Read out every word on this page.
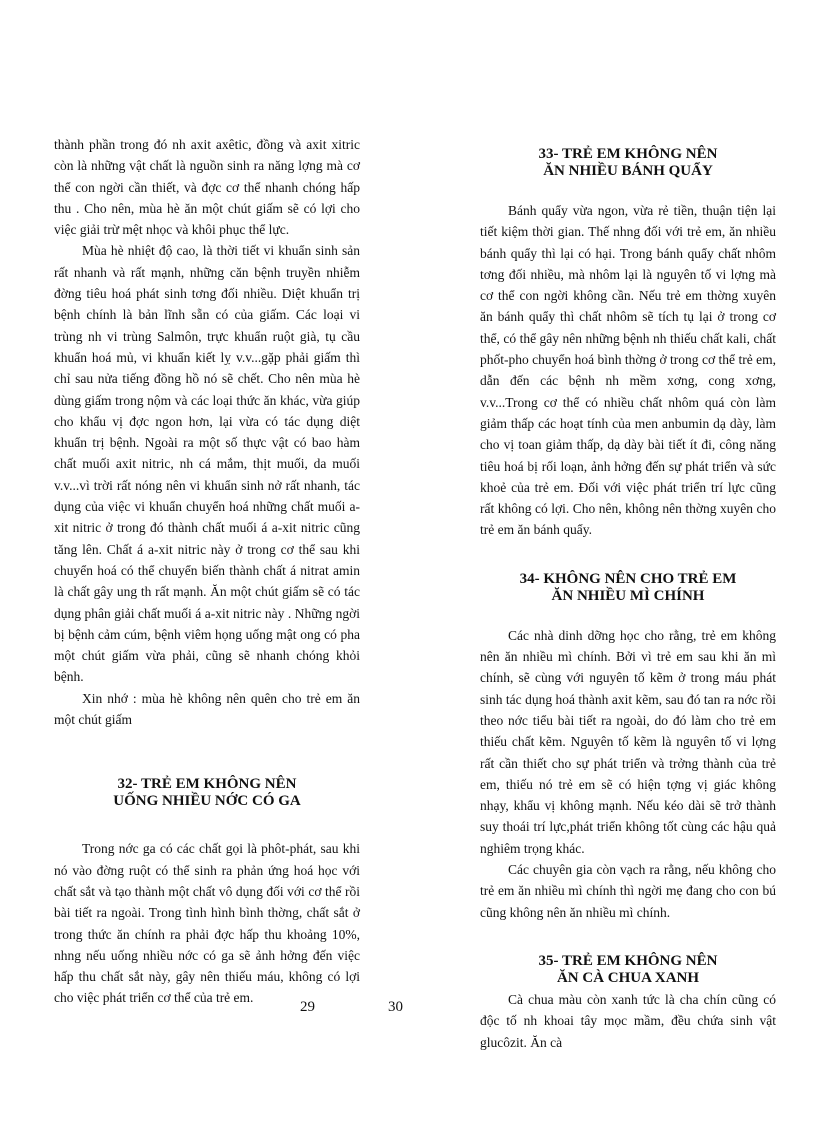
thành phần trong đó nh axit axêtic, đồng và axit xitric còn là những vật chất là nguồn sinh ra năng lợng mà cơ thể con ngời cần thiết, và đợc cơ thể nhanh chóng hấp thu . Cho nên, mùa hè ăn một chút giấm sẽ có lợi cho việc giải trừ mệt nhọc và khôi phục thể lực.

Mùa hè nhiệt độ cao, là thời tiết vi khuẩn sinh sản rất nhanh và rất mạnh, những căn bệnh truyền nhiễm đờng tiêu hoá phát sinh tơng đối nhiều. Diệt khuẩn trị bệnh chính là bản lĩnh sẵn có của giấm. Các loại vi trùng nh vi trùng Salmôn, trực khuẩn ruột già, tụ cầu khuẩn hoá mủ, vi khuẩn kiết lỵ v.v...gặp phải giấm thì chỉ sau nửa tiếng đồng hồ nó sẽ chết. Cho nên mùa hè dùng giấm trong nộm và các loại thức ăn khác, vừa giúp cho khẩu vị đợc ngon hơn, lại vừa có tác dụng diệt khuẩn trị bệnh. Ngoài ra một số thực vật có bao hàm chất muối axit nitric, nh cá mắm, thịt muối, da muối v.v...vì trời rất nóng nên vi khuẩn sinh nở rất nhanh, tác dụng của việc vi khuẩn chuyển hoá những chất muối a-xit nitric ở trong đó thành chất muối á a-xit nitric cũng tăng lên. Chất á a-xit nitric này ở trong cơ thể sau khi chuyển hoá có thể chuyển biến thành chất á nitrat amin là chất gây ung th rất mạnh. Ăn một chút giấm sẽ có tác dụng phân giải chất muối á a-xit nitric này . Những ngời bị bệnh cảm cúm, bệnh viêm họng uống mật ong có pha một chút giấm vừa phải, cũng sẽ nhanh chóng khỏi bệnh.

Xin nhớ : mùa hè không nên quên cho trẻ em ăn một chút giấm

32- TRẺ EM KHÔNG NÊN
UỐNG NHIỀU NỚC CÓ GA

Trong nớc ga có các chất gọi là phôt-phát, sau khi nó vào đờng ruột có thể sinh ra phản ứng hoá học với chất sắt và tạo thành một chất vô dụng đối với cơ thể rồi bài tiết ra ngoài. Trong tình hình bình thờng, chất sắt ở trong thức ăn chính ra phải đợc hấp thu khoảng 10%, nhng nếu uống nhiều nớc có ga sẽ ảnh hởng đến việc hấp thu chất sắt này, gây nên thiếu máu, không có lợi cho việc phát triển cơ thể của trẻ em.

33- TRẺ EM KHÔNG NÊN
ĂN NHIỀU BÁNH QUẨY

Bánh quẩy vừa ngon, vừa rẻ tiền, thuận tiện lại tiết kiệm thời gian. Thế nhng đối với trẻ em, ăn nhiều bánh quẩy thì lại có hại. Trong bánh quẩy chất nhôm tơng đối nhiều, mà nhôm lại là nguyên tố vi lợng mà cơ thể con ngời không cần. Nếu trẻ em thờng xuyên ăn bánh quẩy thì chất nhôm sẽ tích tụ lại ở trong cơ thể, có thể gây nên những bệnh nh thiếu chất kali, chất phốt-pho chuyển hoá bình thờng ở trong cơ thể trẻ em, dẫn đến các bệnh nh mềm xơng, cong xơng, v.v...Trong cơ thể có nhiều chất nhôm quá còn làm giảm thấp các hoạt tính của men anbumin dạ dày, làm cho vị toan giảm thấp, dạ dày bài tiết ít đi, công năng tiêu hoá bị rối loạn, ảnh hởng đến sự phát triển và sức khoẻ của trẻ em. Đối với việc phát triển trí lực cũng rất không có lợi. Cho nên, không nên thờng xuyên cho trẻ em ăn bánh quẩy.

34- KHÔNG NÊN CHO TRẺ EM
ĂN NHIỀU MÌ CHÍNH

Các nhà dinh dỡng học cho rằng, trẻ em không nên ăn nhiều mì chính. Bởi vì trẻ em sau khi ăn mì chính, sẽ cùng với nguyên tố kẽm ở trong máu phát sinh tác dụng hoá thành axit kẽm, sau đó tan ra nớc rồi theo nớc tiểu bài tiết ra ngoài, do đó làm cho trẻ em thiếu chất kẽm. Nguyên tố kẽm là nguyên tố vi lợng rất cần thiết cho sự phát triển và trởng thành của trẻ em, thiếu nó trẻ em sẽ có hiện tợng vị giác không nhạy, khẩu vị không mạnh. Nếu kéo dài sẽ trở thành suy thoái trí lực,phát triển không tốt cùng các hậu quả nghiêm trọng khác.

Các chuyên gia còn vạch ra rằng, nếu không cho trẻ em ăn nhiều mì chính thì ngời mẹ đang cho con bú cũng không nên ăn nhiều mì chính.

35- TRẺ EM KHÔNG NÊN
ĂN CÀ CHUA XANH

Cà chua màu còn xanh tức là cha chín cũng có độc tố nh khoai tây mọc mầm, đều chứa sinh vật glucôzit. Ăn cà

29	30
